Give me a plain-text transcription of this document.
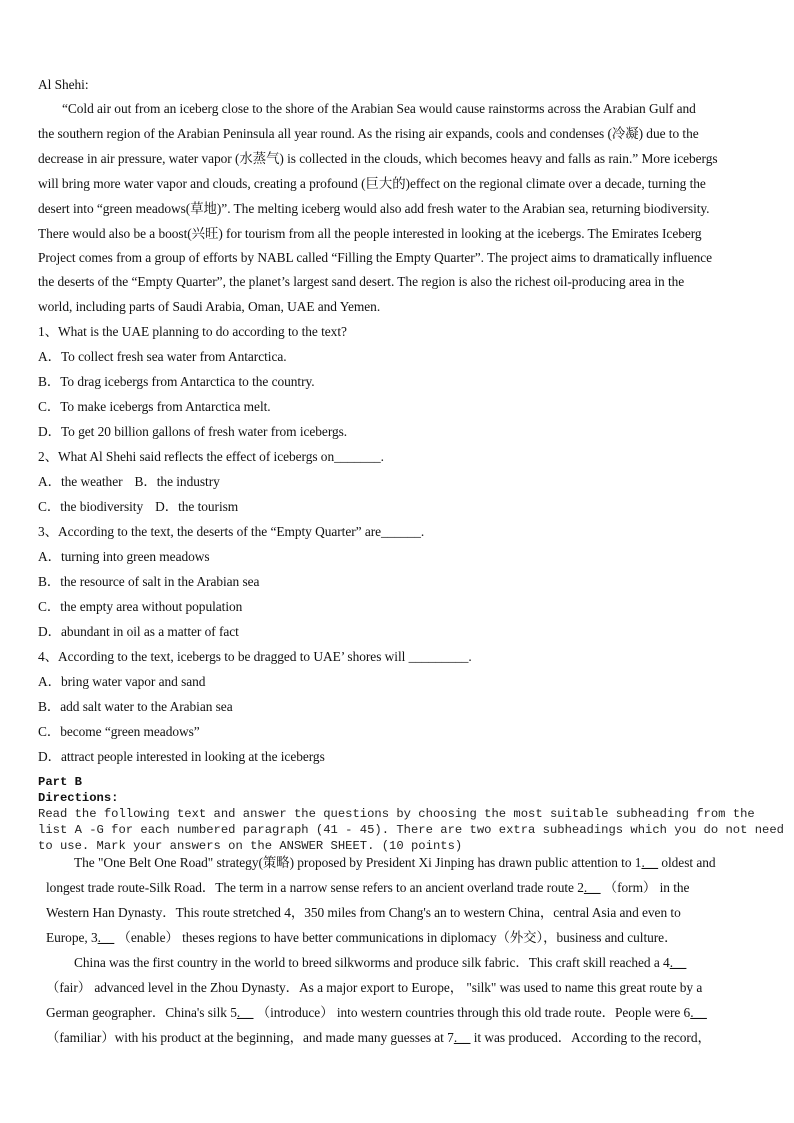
Al Shehi:
“Cold air out from an iceberg close to the shore of the Arabian Sea would cause rainstorms across the Arabian Gulf and
the southern region of the Arabian Peninsula all year round. As the rising air expands, cools and condenses (冷凝) due to the
decrease in air pressure, water vapor (水蒸气) is collected in the clouds, which becomes heavy and falls as rain.” More icebergs
will bring more water vapor and clouds, creating a profound (巨大的)effect on the regional climate over a decade, turning the
desert into “green meadows(草地)”. The melting iceberg would also add fresh water to the Arabian sea, returning biodiversity.
There would also be a boost(兴旺) for tourism from all the people interested in looking at the icebergs. The Emirates Iceberg
Project comes from a group of efforts by NABL called “Filling the Empty Quarter”. The project aims to dramatically influence
the deserts of the “Empty Quarter”, the planet’s largest sand desert. The region is also the richest oil-producing area in the
world, including parts of Saudi Arabia, Oman, UAE and Yemen.
1、What is the UAE planning to do according to the text?
A．To collect fresh sea water from Antarctica.
B．To drag icebergs from Antarctica to the country.
C．To make icebergs from Antarctica melt.
D．To get 20 billion gallons of fresh water from icebergs.
2、What Al Shehi said reflects the effect of icebergs on_______.
A．the weather B．the industry
C．the biodiversity D．the tourism
3、According to the text, the deserts of the “Empty Quarter” are______.
A．turning into green meadows
B．the resource of salt in the Arabian sea
C．the empty area without population
D．abundant in oil as a matter of fact
4、According to the text, icebergs to be dragged to UAE’ shores will _________.
A．bring water vapor and sand
B．add salt water to the Arabian sea
C．become “green meadows”
D．attract people interested in looking at the icebergs
Part B
Directions:
Read the following text and answer the questions by choosing the most suitable subheading from the
list A -G for each numbered paragraph (41 - 45). There are two extra subheadings which you do not need
to use. Mark your answers on the ANSWER SHEET. (10 points)
The "One Belt One Road" strategy(策略) proposed by President Xi Jinping has drawn public attention to 1.__ oldest and
longest trade route-Silk Road．The term in a narrow sense refers to an ancient overland trade route 2.__ （form） in the
Western Han Dynasty．This route stretched 4，350 miles from Chang's an to western China，central Asia and even to
Europe, 3.__ （enable） theses regions to have better communications in diplomacy（外交），business and culture．
China was the first country in the world to breed silkworms and produce silk fabric．This craft skill reached a 4.__
（fair） advanced level in the Zhou Dynasty．As a major export to Europe， "silk" was used to name this great route by a
German geographer．China's silk 5.__ （introduce） into western countries through this old trade route．People were 6.__
（familiar）with his product at the beginning，and made many guesses at 7.__ it was produced．According to the record，
